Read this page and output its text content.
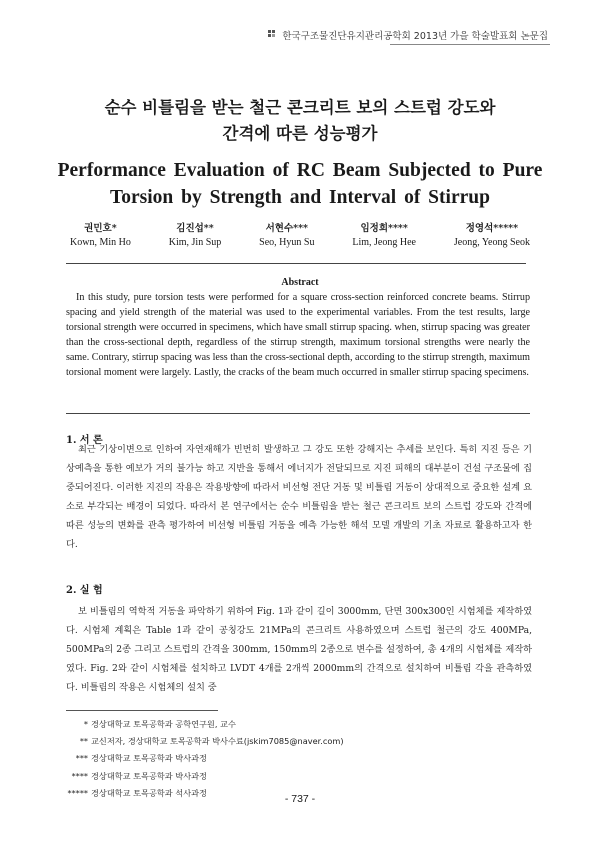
한국구조물진단유지관리공학회 2013년 가을 학술발표회 논문집
순수 비틀림을 받는 철근 콘크리트 보의 스트럽 강도와
간격에 따른 성능평가
Performance Evaluation of RC Beam Subjected to Pure
Torsion by Strength and Interval of Stirrup
권민호*
Kown, Min Ho
김진섭**
Kim, Jin Sup
서현수***
Seo, Hyun Su
임정희****
Lim, Jeong Hee
정영석*****
Jeong, Yeong Seok
Abstract
In this study, pure torsion tests were performed for a square cross-section reinforced concrete beams. Stirrup spacing and yield strength of the material was used to the experimental variables. From the test results, large torsional strength were occurred in specimens, which have small stirrup spacing. when, stirrup spacing was greater than the cross-sectional depth, regardless of the stirrup strength, maximum torsional strengths were nearly the same. Contrary, stirrup spacing was less than the cross-sectional depth, according to the stirrup strength, maximum torsional moment were largely. Lastly, the cracks of the beam much occurred in smaller stirrup spacing specimens.
1. 서 론
최근 기상이변으로 인하여 자연재해가 빈번히 발생하고 그 강도 또한 강해지는 추세를 보인다. 특히 지진 등은 기상예측을 통한 예보가 거의 불가능 하고 지반을 통해서 에너지가 전달되므로 지진 피해의 대부분이 건설 구조물에 집중되어진다. 이러한 지진의 작용은 작용방향에 따라서 비선형 전단 거동 및 비틀림 거동이 상대적으로 중요한 설계 요소로 부각되는 배경이 되었다. 따라서 본 연구에서는 순수 비틀림을 받는 철근 콘크리트 보의 스트럽 강도와 간격에 따른 성능의 변화를 관측 평가하여 비선형 비틀림 거동을 예측 가능한 해석 모델 개발의 기초 자료로 활용하고자 한다.
2. 실 험
보 비틀림의 역학적 거동을 파악하기 위하여 Fig. 1과 같이 길이 3000mm, 단면 300x300인 시험체를 제작하였다. 시험체 계획은 Table 1과 같이 공칭강도 21MPa의 콘크리트 사용하였으며 스트럽 철근의 강도 400MPa, 500MPa의 2종 그리고 스트럽의 간격을 300mm, 150mm의 2종으로 변수를 설정하여, 총 4개의 시험체를 제작하였다. Fig. 2와 같이 시험체를 설치하고 LVDT 4개를 2개씩 2000mm의 간격으로 설치하여 비틀림 각을 관측하였다. 비틀림의 작용은 시험체의 설치 중
* 경상대학교 토목공학과 공학연구원, 교수
** 교신저자, 경상대학교 토목공학과 박사수료(jskim7085@naver.com)
*** 경상대학교 토목공학과 박사과정
**** 경상대학교 토목공학과 박사과정
***** 경상대학교 토목공학과 석사과정
- 737 -
